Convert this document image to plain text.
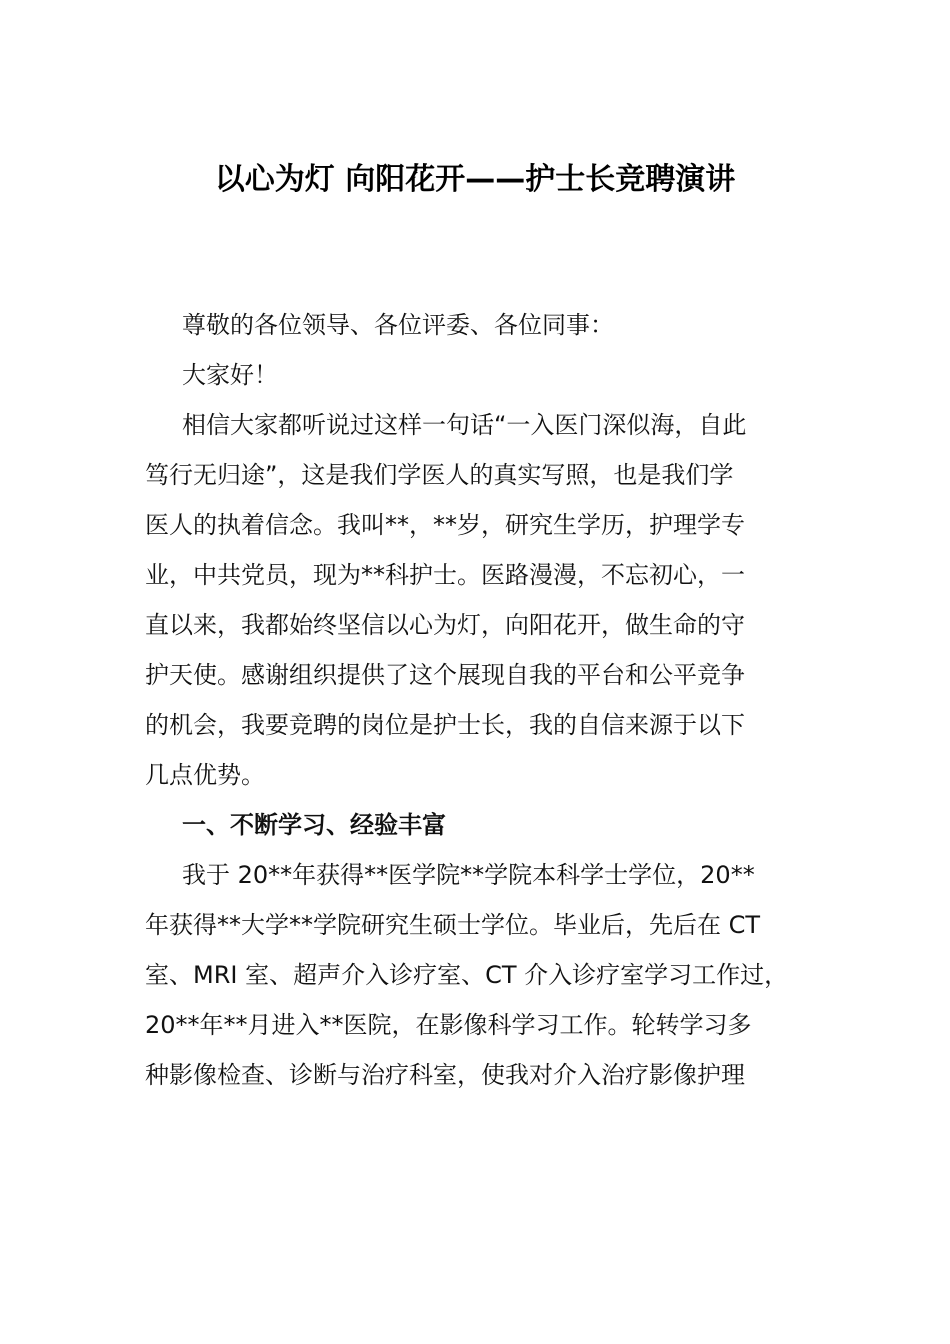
以心为灯 向阳花开——护士长竞聘演讲

尊敬的各位领导、各位评委、各位同事：

大家好！

相信大家都听说过这样一句话“一入医门深似海，自此
笃行无归途”，这是我们学医人的真实写照，也是我们学
医人的执着信念。我叫**，**岁，研究生学历，护理学专
业，中共党员，现为**科护士。医路漫漫，不忘初心，一
直以来，我都始终坚信以心为灯，向阳花开，做生命的守
护天使。感谢组织提供了这个展现自我的平台和公平竞争
的机会，我要竞聘的岗位是护士长，我的自信来源于以下
几点优势。

一、不断学习、经验丰富

我于 20**年获得**医学院**学院本科学士学位，20**
年获得**大学**学院研究生硕士学位。毕业后，先后在 CT
室、MRI 室、超声介入诊疗室、CT 介入诊疗室学习工作过，
20**年**月进入**医院，在影像科学习工作。轮转学习多
种影像检查、诊断与治疗科室，使我对介入治疗影像护理
